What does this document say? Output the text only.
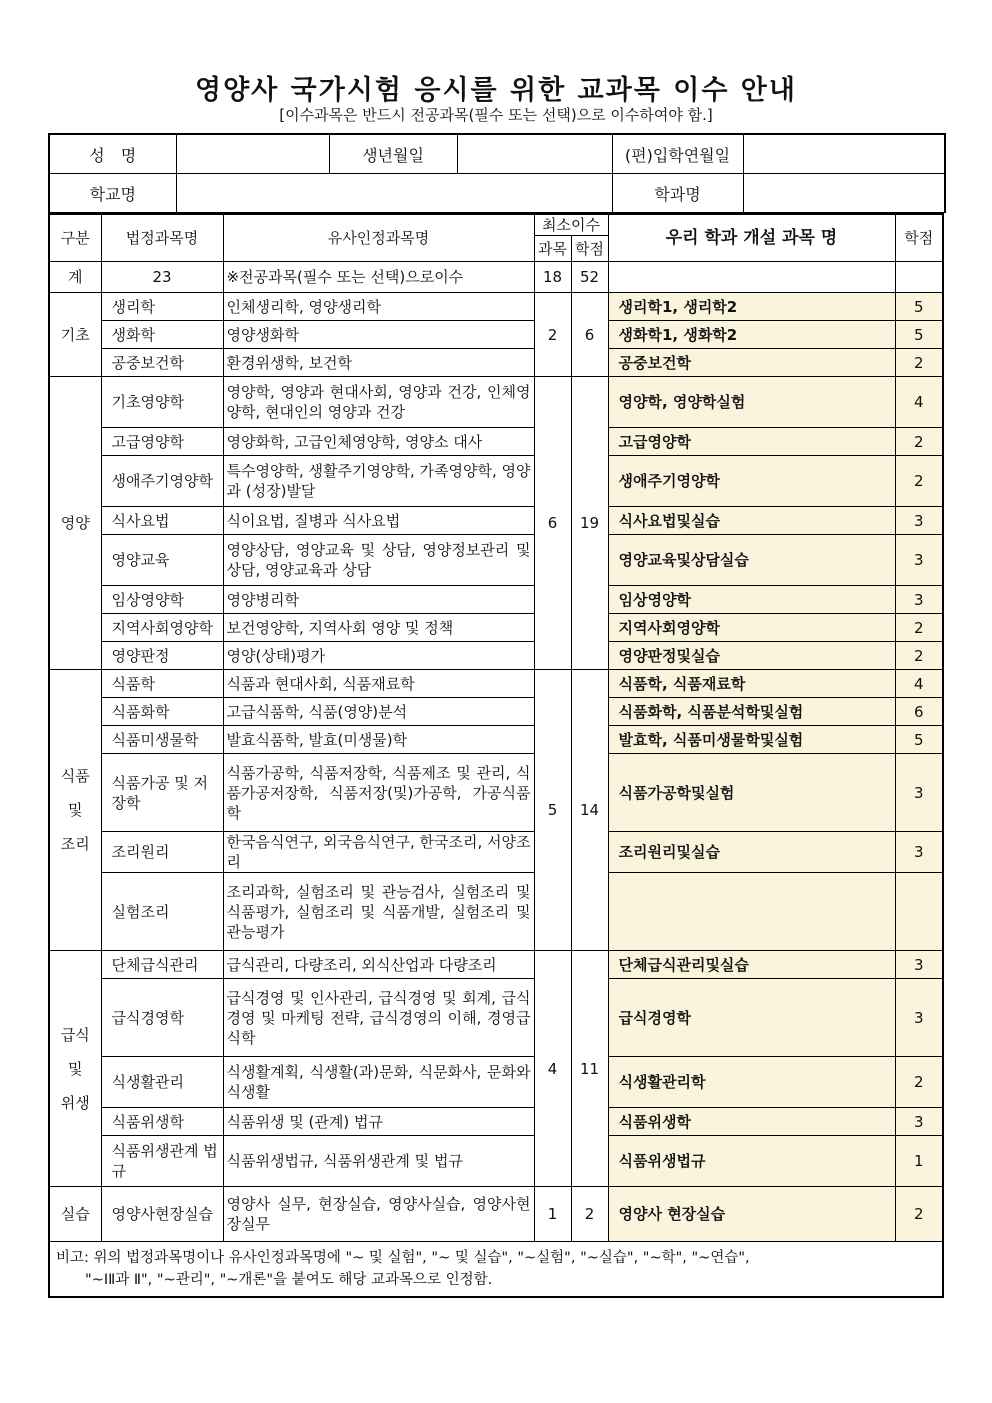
영양사 국가시험 응시를 위한 교과목 이수 안내
[이수과목은 반드시 전공과목(필수 또는 선택)으로 이수하여야 함.]
성　명		생년월일		(편)입학연월일	
학교명				학과명	
구분	법정과목명	유사인정과목명	최소이수		우리 학과 개설 과목 명	학점
			과목	학점		
계	23	※전공과목(필수 또는 선택)으로이수	18	52		
기초	생리학	인체생리학, 영양생리학	2	6	생리학1, 생리학2	5
	생화학	영양생화학			생화학1, 생화학2	5
	공중보건학	환경위생학, 보건학			공중보건학	2
영양	기초영양학	영양학, 영양과 현대사회, 영양과 건강, 인체영양학, 현대인의 영양과 건강	6	19	영양학, 영양학실험	4
	고급영양학	영양화학, 고급인체영양학, 영양소 대사			고급영양학	2
	생애주기영양학	특수영양학, 생활주기영양학, 가족영양학, 영양과 (성장)발달			생애주기영양학	2
	식사요법	식이요법, 질병과 식사요법			식사요법및실습	3
	영양교육	영양상담, 영양교육 및 상담, 영양정보관리 및 상담, 영양교육과 상담			영양교육및상담실습	3
	임상영양학	영양병리학			임상영양학	3
	지역사회영양학	보건영양학, 지역사회 영양 및 정책			지역사회영양학	2
	영양판정	영양(상태)평가			영양판정및실습	2
식품
및
조리	식품학	식품과 현대사회, 식품재료학	5	14	식품학, 식품재료학	4
	식품화학	고급식품학, 식품(영양)분석			식품화학, 식품분석학및실험	6
	식품미생물학	발효식품학, 발효(미생물)학			발효학, 식품미생물학및실험	5
	식품가공 및 저장학	식품가공학, 식품저장학, 식품제조 및 관리, 식품가공저장학, 식품저장(및)가공학, 가공식품학			식품가공학및실험	3
	조리원리	한국음식연구, 외국음식연구, 한국조리, 서양조리			조리원리및실습	3
	실험조리	조리과학, 실험조리 및 관능검사, 실험조리 및 식품평가, 실험조리 및 식품개발, 실험조리 및 관능평가				
급식
및
위생	단체급식관리	급식관리, 다량조리, 외식산업과 다량조리	4	11	단체급식관리및실습	3
	급식경영학	급식경영 및 인사관리, 급식경영 및 회계, 급식경영 및 마케팅 전략, 급식경영의 이해, 경영급식학			급식경영학	3
	식생활관리	식생활계획, 식생활(과)문화, 식문화사, 문화와 식생활			식생활관리학	2
	식품위생학	식품위생 및 (관계) 법규			식품위생학	3
	식품위생관계 법규	식품위생법규, 식품위생관계 및 법규			식품위생법규	1
실습	영양사현장실습	영양사 실무, 현장실습, 영양사실습, 영양사현장실무	1	2	영양사 현장실습	2
비고: 위의 법정과목명이나 유사인정과목명에 "~ 및 실험", "~ 및 실습", "~실험", "~실습", "~학", "~연습",
　　"~ⅠⅡ과 Ⅱ", "~관리", "~개론"을 붙여도 해당 교과목으로 인정함.						
